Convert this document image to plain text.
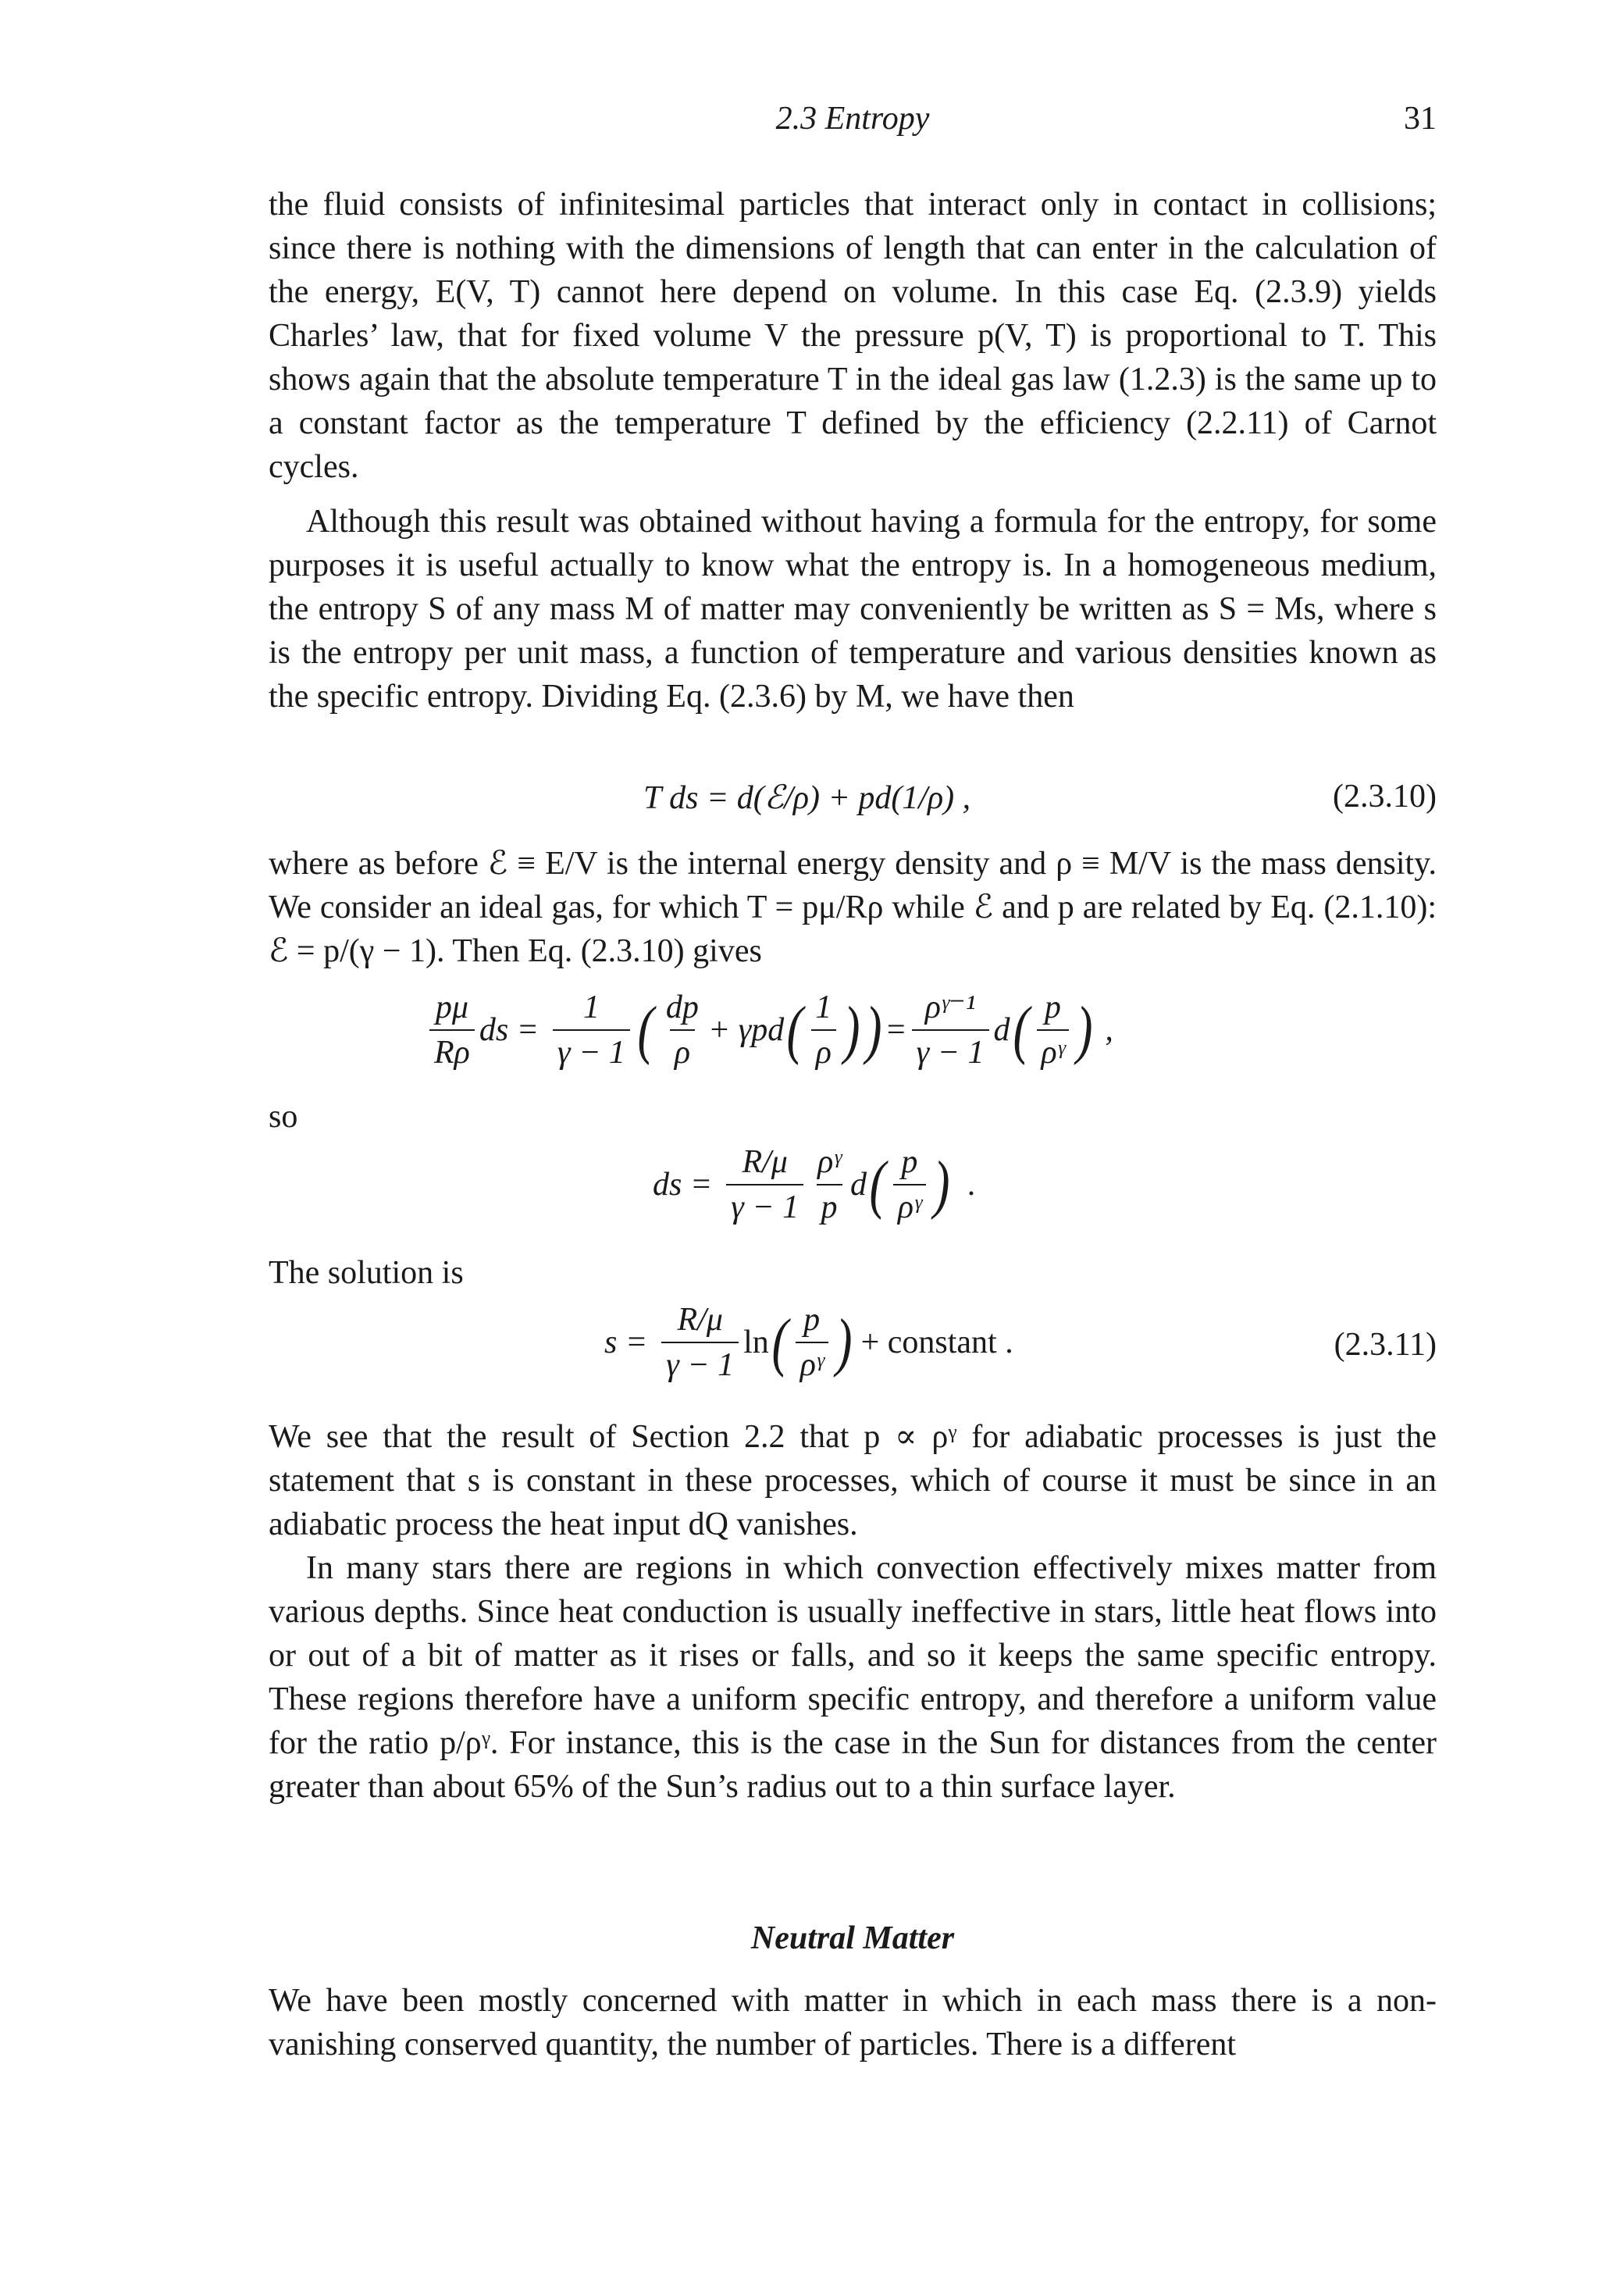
2.3 Entropy	31

the fluid consists of infinitesimal particles that interact only in contact in collisions; since there is nothing with the dimensions of length that can enter in the calculation of the energy, E(V, T) cannot here depend on volume. In this case Eq. (2.3.9) yields Charles’ law, that for fixed volume V the pressure p(V, T) is proportional to T. This shows again that the absolute temperature T in the ideal gas law (1.2.3) is the same up to a constant factor as the temperature T defined by the efficiency (2.2.11) of Carnot cycles.

Although this result was obtained without having a formula for the entropy, for some purposes it is useful actually to know what the entropy is. In a homogeneous medium, the entropy S of any mass M of matter may conveniently be written as S = Ms, where s is the entropy per unit mass, a function of temperature and various densities known as the specific entropy. Dividing Eq. (2.3.6) by M, we have then

T ds = d(ℰ/ρ) + pd(1/ρ) ,	(2.3.10)

where as before ℰ ≡ E/V is the internal energy density and ρ ≡ M/V is the mass density. We consider an ideal gas, for which T = pμ/Rρ while ℰ and p are related by Eq. (2.1.10): ℰ = p/(γ − 1). Then Eq. (2.3.10) gives

$\frac{p\mu}{R\rho}$ ds = $\frac{1}{\gamma - 1}$ ( $\frac{dp}{\rho} + \gamma pd$ ( $\frac{1}{\rho}$ ) ) = $\frac{\text{ρᵞ⁻¹}}{\gamma - 1}$ d ( $\frac{p}{\text{ρᵞ}}$ ) ,

so

ds = $\frac{R/\mu}{\gamma - 1} \frac{\text{ρᵞ}}{p}$ d ( $\frac{p}{\text{ρᵞ}}$ ) .

The solution is

$s = \frac{R/\mu}{\gamma - 1}$ ln ( $\frac{p}{\text{ρᵞ}}$ ) + constant .	(2.3.11)

We see that the result of Section 2.2 that p ∝ ρᵞ for adiabatic processes is just the statement that s is constant in these processes, which of course it must be since in an adiabatic process the heat input dQ vanishes.

In many stars there are regions in which convection effectively mixes matter from various depths. Since heat conduction is usually ineffective in stars, little heat flows into or out of a bit of matter as it rises or falls, and so it keeps the same specific entropy. These regions therefore have a uniform specific entropy, and therefore a uniform value for the ratio p/ρᵞ. For instance, this is the case in the Sun for distances from the center greater than about 65% of the Sun’s radius out to a thin surface layer.

Neutral Matter

We have been mostly concerned with matter in which in each mass there is a non-vanishing conserved quantity, the number of particles. There is a different
